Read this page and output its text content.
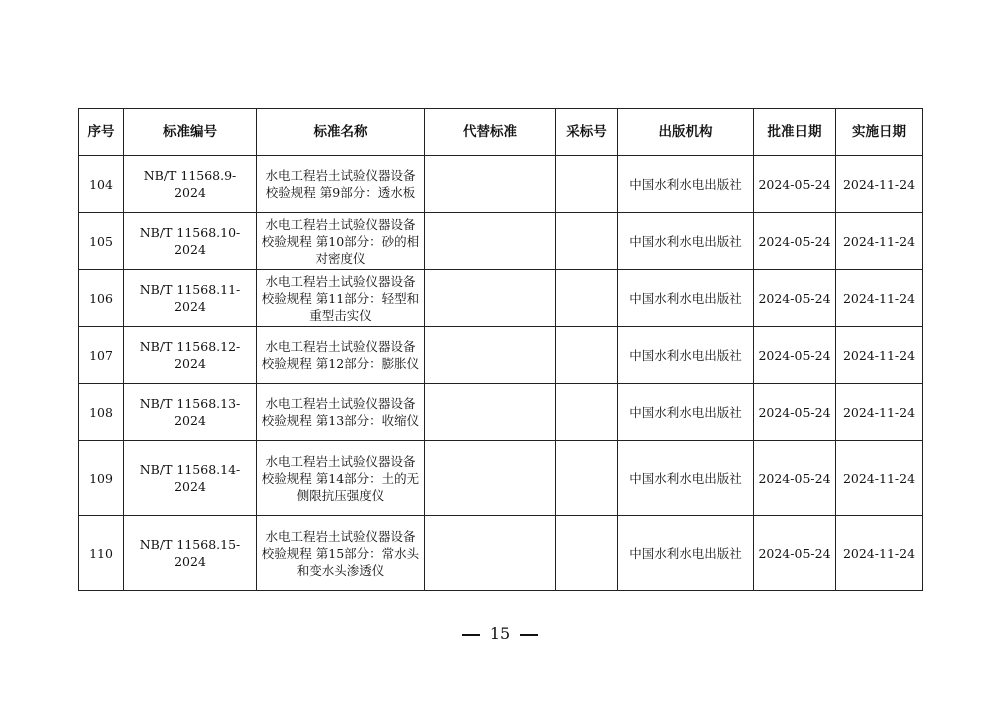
序号	标准编号	标准名称	代替标准	采标号	出版机构	批准日期	实施日期
104	NB/T 11568.9-2024	水电工程岩土试验仪器设备校验规程 第9部分：透水板			中国水利水电出版社	2024-05-24	2024-11-24
105	NB/T 11568.10-2024	水电工程岩土试验仪器设备校验规程 第10部分：砂的相对密度仪			中国水利水电出版社	2024-05-24	2024-11-24
106	NB/T 11568.11-2024	水电工程岩土试验仪器设备校验规程 第11部分：轻型和重型击实仪			中国水利水电出版社	2024-05-24	2024-11-24
107	NB/T 11568.12-2024	水电工程岩土试验仪器设备校验规程 第12部分：膨胀仪			中国水利水电出版社	2024-05-24	2024-11-24
108	NB/T 11568.13-2024	水电工程岩土试验仪器设备校验规程 第13部分：收缩仪			中国水利水电出版社	2024-05-24	2024-11-24
109	NB/T 11568.14-2024	水电工程岩土试验仪器设备校验规程 第14部分：土的无侧限抗压强度仪			中国水利水电出版社	2024-05-24	2024-11-24
110	NB/T 11568.15-2024	水电工程岩土试验仪器设备校验规程 第15部分：常水头和变水头渗透仪			中国水利水电出版社	2024-05-24	2024-11-24
15
